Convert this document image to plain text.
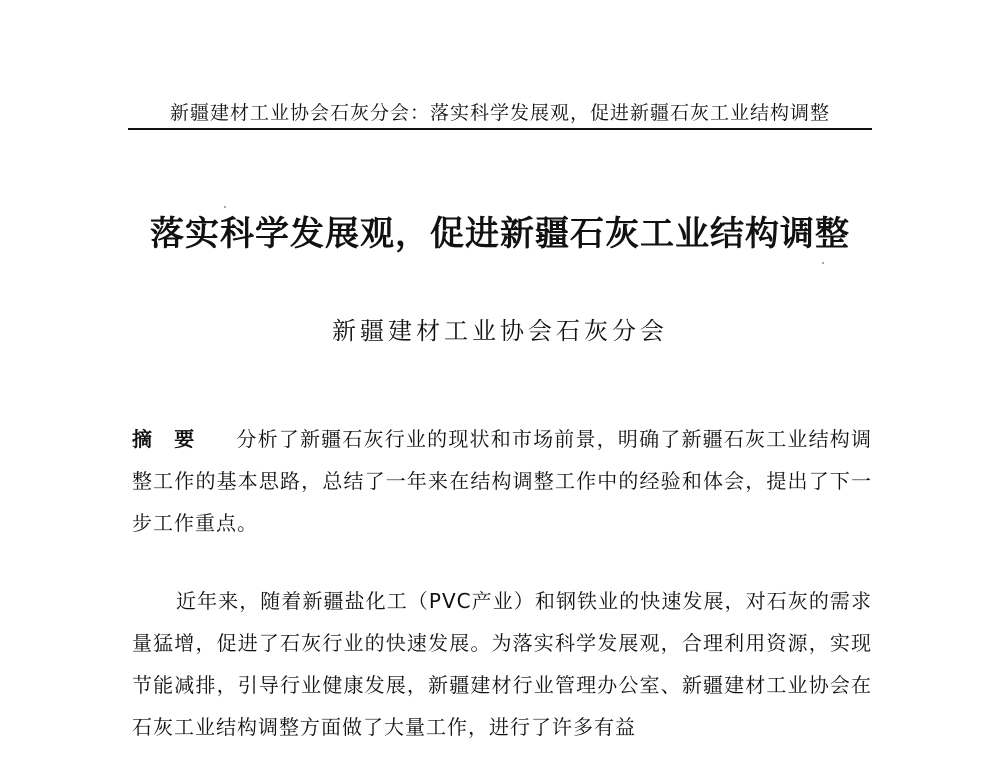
新疆建材工业协会石灰分会：落实科学发展观，促进新疆石灰工业结构调整
落实科学发展观，促进新疆石灰工业结构调整
新疆建材工业协会石灰分会
摘要 分析了新疆石灰行业的现状和市场前景，明确了新疆石灰工业结构调整工作的基本思路，总结了一年来在结构调整工作中的经验和体会，提出了下一步工作重点。
近年来，随着新疆盐化工（PVC产业）和钢铁业的快速发展，对石灰的需求量猛增，促进了石灰行业的快速发展。为落实科学发展观，合理利用资源，实现节能减排，引导行业健康发展，新疆建材行业管理办公室、新疆建材工业协会在石灰工业结构调整方面做了大量工作，进行了许多有益
